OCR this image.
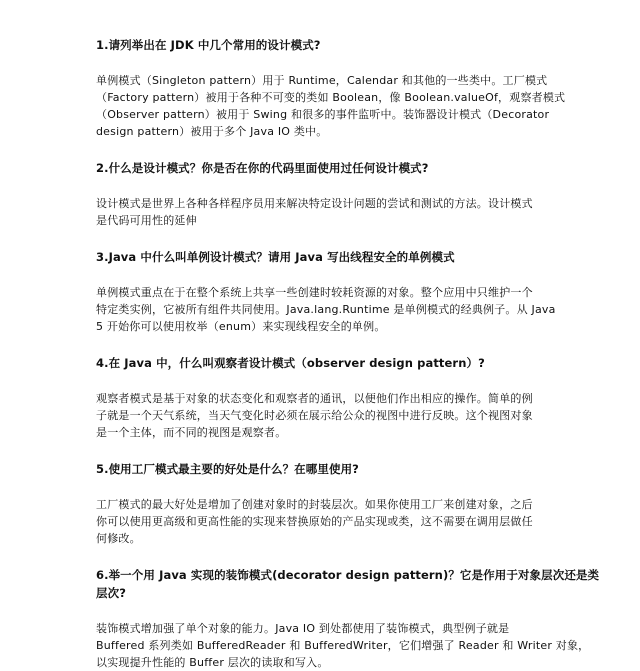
1.请列举出在 JDK 中几个常用的设计模式?
单例模式（Singleton pattern）用于 Runtime，Calendar 和其他的一些类中。工厂模式
（Factory pattern）被用于各种不可变的类如 Boolean，像 Boolean.valueOf，观察者模式
（Observer pattern）被用于 Swing 和很多的事件监听中。装饰器设计模式（Decorator
design pattern）被用于多个 Java IO 类中。
2.什么是设计模式？你是否在你的代码里面使用过任何设计模式?
设计模式是世界上各种各样程序员用来解决特定设计问题的尝试和测试的方法。设计模式
是代码可用性的延伸
3.Java 中什么叫单例设计模式？请用 Java 写出线程安全的单例模式
单例模式重点在于在整个系统上共享一些创建时较耗资源的对象。整个应用中只维护一个
特定类实例，它被所有组件共同使用。Java.lang.Runtime 是单例模式的经典例子。从 Java
5 开始你可以使用枚举（enum）来实现线程安全的单例。
4.在 Java 中，什么叫观察者设计模式（observer design pattern）?
观察者模式是基于对象的状态变化和观察者的通讯，以便他们作出相应的操作。简单的例
子就是一个天气系统，当天气变化时必须在展示给公众的视图中进行反映。这个视图对象
是一个主体，而不同的视图是观察者。
5.使用工厂模式最主要的好处是什么？在哪里使用?
工厂模式的最大好处是增加了创建对象时的封装层次。如果你使用工厂来创建对象，之后
你可以使用更高级和更高性能的实现来替换原始的产品实现或类，这不需要在调用层做任
何修改。
6.举一个用 Java 实现的装饰模式(decorator design pattern)？它是作用于对象层次还是类
层次?
装饰模式增加强了单个对象的能力。Java IO 到处都使用了装饰模式，典型例子就是
Buffered 系列类如 BufferedReader 和 BufferedWriter，它们增强了 Reader 和 Writer 对象，
以实现提升性能的 Buffer 层次的读取和写入。
